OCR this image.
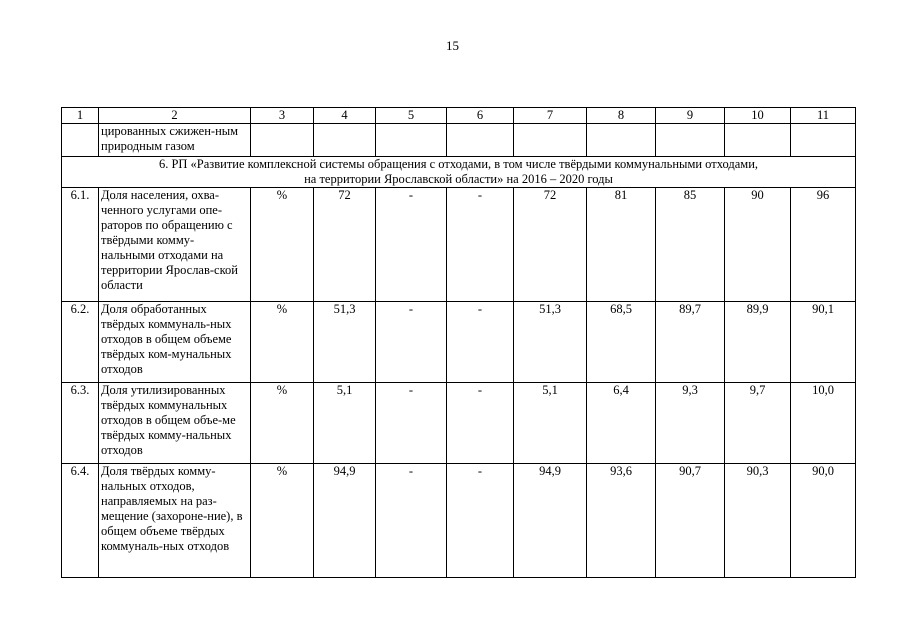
15
1	2	3	4	5	6	7	8	9	10	11
	цированных сжижен-ным природным газом									

6. РП «Развитие комплексной системы обращения с отходами, в том числе твёрдыми коммунальными отходами,
на территории Ярославской области» на 2016 – 2020 годы										

6.1.	Доля населения, охва-ченного услугами опе-раторов по обращению с твёрдыми комму-нальными отходами на территории Ярослав-ской области	%	72	-	-	72	81	85	90	96
6.2.	Доля обработанных твёрдых коммуналь-ных отходов в общем объеме твёрдых ком-мунальных отходов	%	51,3	-	-	51,3	68,5	89,7	89,9	90,1
6.3.	Доля утилизированных твёрдых коммунальных отходов в общем объе-ме твёрдых комму-нальных отходов	%	5,1	-	-	5,1	6,4	9,3	9,7	10,0
6.4.	Доля твёрдых комму-нальных отходов, направляемых на раз-мещение (захороне-ние), в общем объеме твёрдых коммуналь-ных отходов	%	94,9	-	-	94,9	93,6	90,7	90,3	90,0
